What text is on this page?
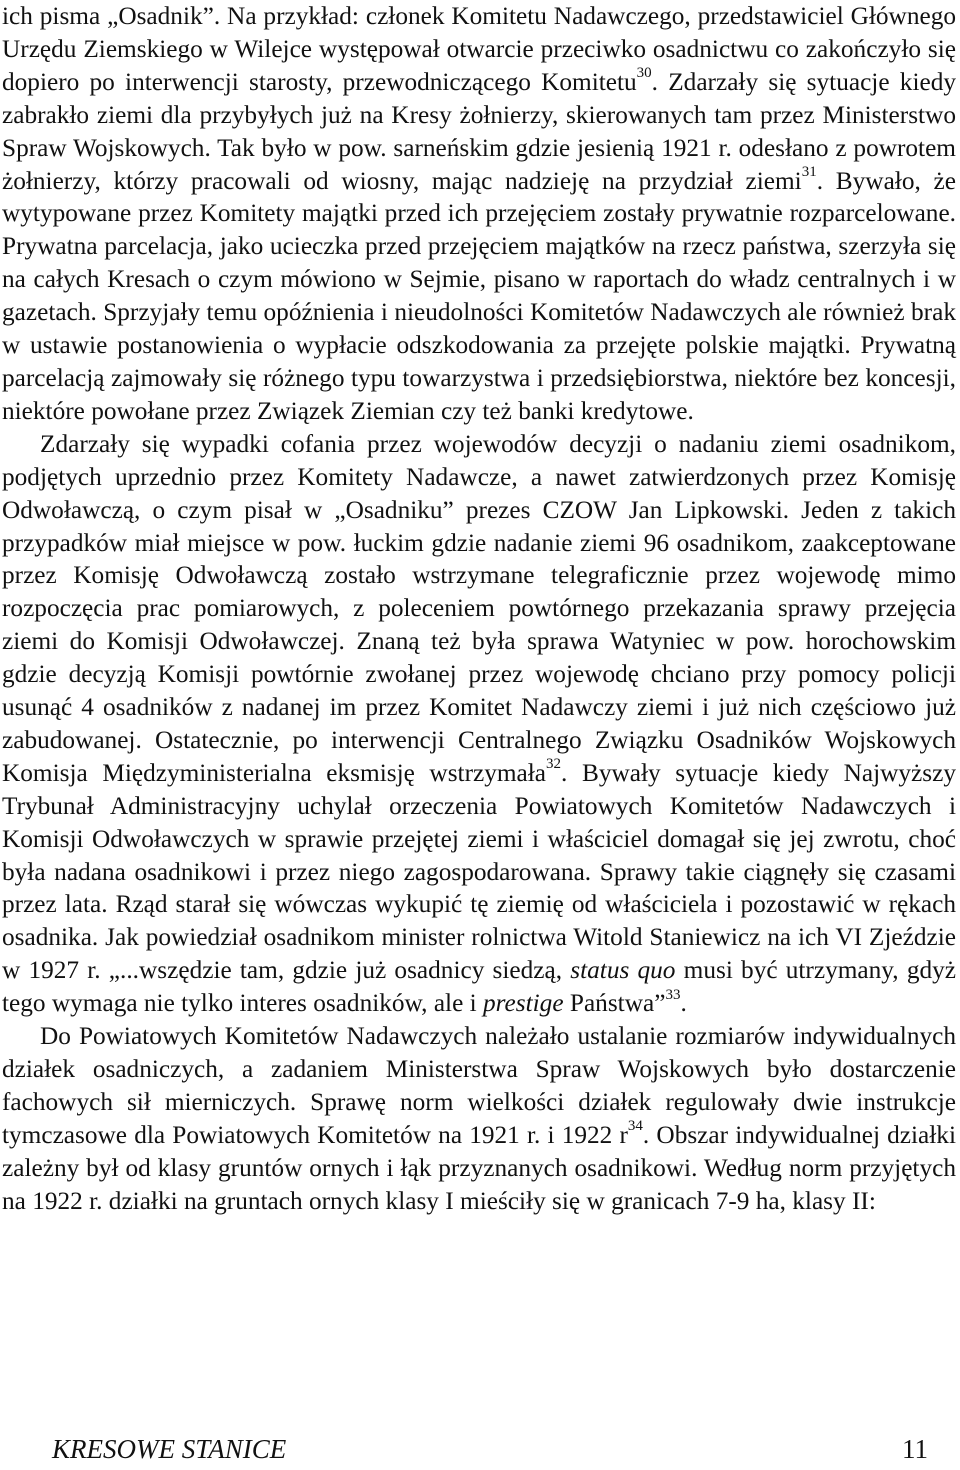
ich pisma „Osadnik”. Na przykład: członek Komitetu Nadawczego, przedstawiciel Głównego Urzędu Ziemskiego w Wilejce występował otwarcie przeciwko osadnictwu co zakończyło się dopiero po interwencji starosty, przewodniczącego Komitetu$^{30}$. Zdarzały się sytuacje kiedy zabrakło ziemi dla przybyłych już na Kresy żołnierzy, skierowanych tam przez Ministerstwo Spraw Wojskowych. Tak było w pow. sarneńskim gdzie jesienią 1921 r. odesłano z powrotem żołnierzy, którzy pracowali od wiosny, mając nadzieję na przydział ziemi$^{31}$. Bywało, że wytypowane przez Komitety majątki przed ich przejęciem zostały prywatnie rozparcelowane. Prywatna parcelacja, jako ucieczka przed przejęciem majątków na rzecz państwa, szerzyła się na całych Kresach o czym mówiono w Sejmie, pisano w raportach do władz centralnych i w gazetach. Sprzyjały temu opóźnienia i nieudolności Komitetów Nadawczych ale również brak w ustawie postanowienia o wypłacie odszkodowania za przejęte polskie majątki. Prywatną parcelacją zajmowały się różnego typu towarzystwa i przedsiębiorstwa, niektóre bez koncesji, niektóre powołane przez Związek Ziemian czy też banki kredytowe.

Zdarzały się wypadki cofania przez wojewodów decyzji o nadaniu ziemi osadnikom, podjętych uprzednio przez Komitety Nadawcze, a nawet zatwierdzonych przez Komisję Odwoławczą, o czym pisał w „Osadniku” prezes CZOW Jan Lipkowski. Jeden z takich przypadków miał miejsce w pow. łuckim gdzie nadanie ziemi 96 osadnikom, zaakceptowane przez Komisję Odwoławczą zostało wstrzymane telegraficznie przez wojewodę mimo rozpoczęcia prac pomiarowych, z poleceniem powtórnego przekazania sprawy przejęcia ziemi do Komisji Odwoławczej. Znaną też była sprawa Watyniec w pow. horochowskim gdzie decyzją Komisji powtórnie zwołanej przez wojewodę chciano przy pomocy policji usunąć 4 osadników z nadanej im przez Komitet Nadawczy ziemi i już nich częściowo już zabudowanej. Ostatecznie, po interwencji Centralnego Związku Osadników Wojskowych Komisja Międzyministerialna eksmisję wstrzymała$^{32}$. Bywały sytuacje kiedy Najwyższy Trybunał Administracyjny uchylał orzeczenia Powiatowych Komitetów Nadawczych i Komisji Odwoławczych w sprawie przejętej ziemi i właściciel domagał się jej zwrotu, choć była nadana osadnikowi i przez niego zagospodarowana. Sprawy takie ciągnęły się czasami przez lata. Rząd starał się wówczas wykupić tę ziemię od właściciela i pozostawić w rękach osadnika. Jak powiedział osadnikom minister rolnictwa Witold Staniewicz na ich VI Zjeździe w 1927 r. „...wszędzie tam, gdzie już osadnicy siedzą, status quo musi być utrzymany, gdyż tego wymaga nie tylko interes osadników, ale i prestige Państwa”$^{33}$.

Do Powiatowych Komitetów Nadawczych należało ustalanie rozmiarów indywidualnych działek osadniczych, a zadaniem Ministerstwa Spraw Wojskowych było dostarczenie fachowych sił mierniczych. Sprawę norm wielkości działek regulowały dwie instrukcje tymczasowe dla Powiatowych Komitetów na 1921 r. i 1922 r$^{34}$. Obszar indywidualnej działki zależny był od klasy gruntów ornych i łąk przyznanych osadnikowi. Według norm przyjętych na 1922 r. działki na gruntach ornych klasy I mieściły się w granicach 7-9 ha, klasy II:

KRESOWE STANICE	11
